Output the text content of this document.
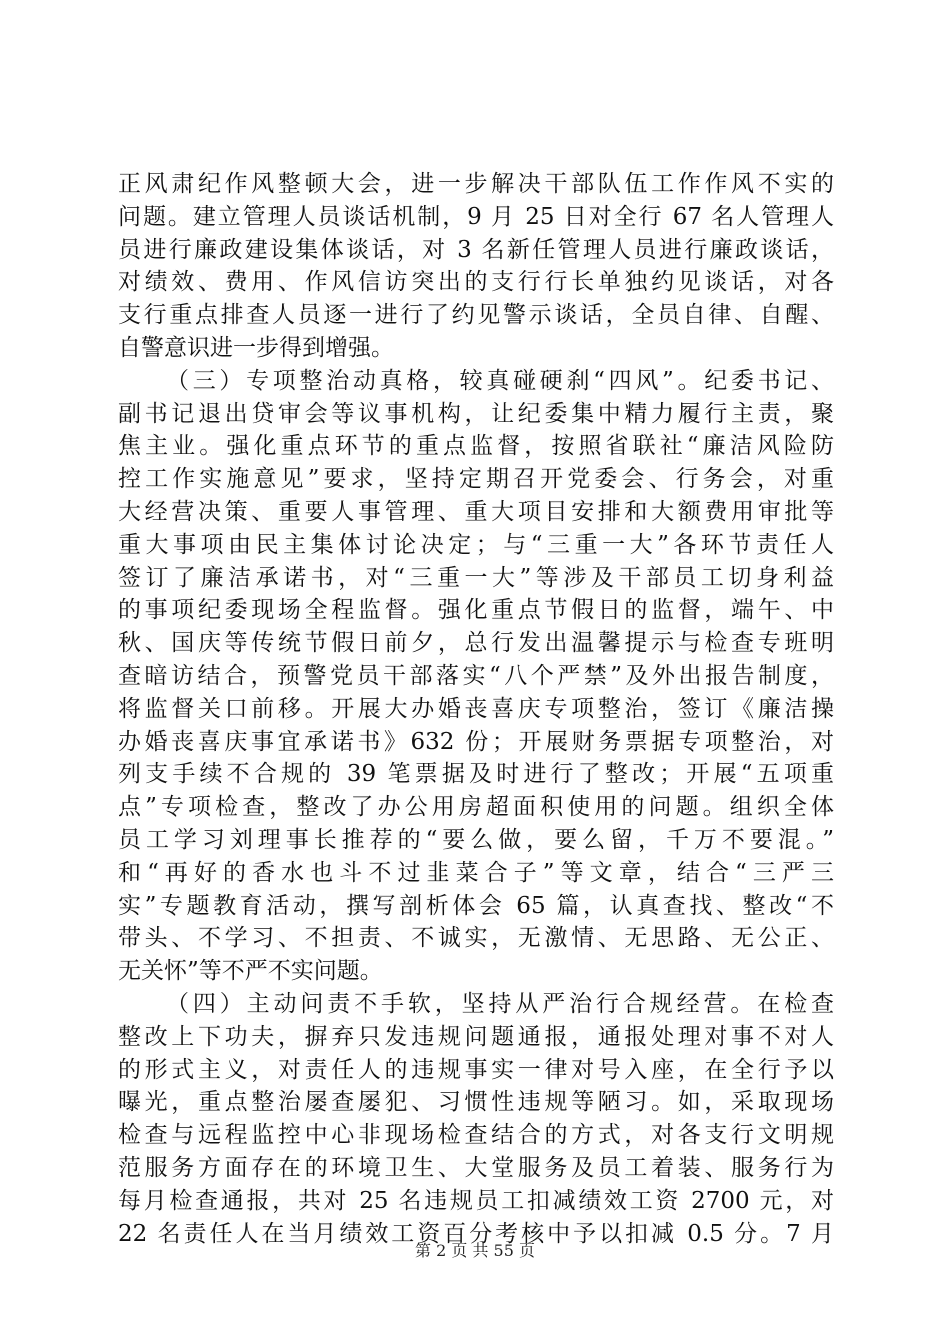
正风肃纪作风整顿大会，进一步解决干部队伍工作作风不实的
问题。建立管理人员谈话机制，9 月 25 日对全行 67 名人管理人
员进行廉政建设集体谈话，对 3 名新任管理人员进行廉政谈话，
对绩效、费用、作风信访突出的支行行长单独约见谈话，对各
支行重点排查人员逐一进行了约见警示谈话，全员自律、自醒、
自警意识进一步得到增强。
（三）专项整治动真格，较真碰硬刹“四风”。纪委书记、
副书记退出贷审会等议事机构，让纪委集中精力履行主责，聚
焦主业。强化重点环节的重点监督，按照省联社“廉洁风险防
控工作实施意见”要求，坚持定期召开党委会、行务会，对重
大经营决策、重要人事管理、重大项目安排和大额费用审批等
重大事项由民主集体讨论决定；与“三重一大”各环节责任人
签订了廉洁承诺书，对“三重一大”等涉及干部员工切身利益
的事项纪委现场全程监督。强化重点节假日的监督，端午、中
秋、国庆等传统节假日前夕，总行发出温馨提示与检查专班明
查暗访结合，预警党员干部落实“八个严禁”及外出报告制度，
将监督关口前移。开展大办婚丧喜庆专项整治，签订《廉洁操
办婚丧喜庆事宜承诺书》632 份；开展财务票据专项整治，对
列支手续不合规的 39 笔票据及时进行了整改；开展“五项重
点”专项检查，整改了办公用房超面积使用的问题。组织全体
员工学习刘理事长推荐的“要么做，要么留，千万不要混。”
和“再好的香水也斗不过韭菜合子”等文章，结合“三严三
实”专题教育活动，撰写剖析体会 65 篇，认真查找、整改“不
带头、不学习、不担责、不诚实，无激情、无思路、无公正、
无关怀”等不严不实问题。
（四）主动问责不手软，坚持从严治行合规经营。在检查
整改上下功夫，摒弃只发违规问题通报，通报处理对事不对人
的形式主义，对责任人的违规事实一律对号入座，在全行予以
曝光，重点整治屡查屡犯、习惯性违规等陋习。如，采取现场
检查与远程监控中心非现场检查结合的方式，对各支行文明规
范服务方面存在的环境卫生、大堂服务及员工着装、服务行为
每月检查通报，共对 25 名违规员工扣减绩效工资 2700 元，对
22 名责任人在当月绩效工资百分考核中予以扣减 0.5 分。7 月
第 2 页 共 55 页
